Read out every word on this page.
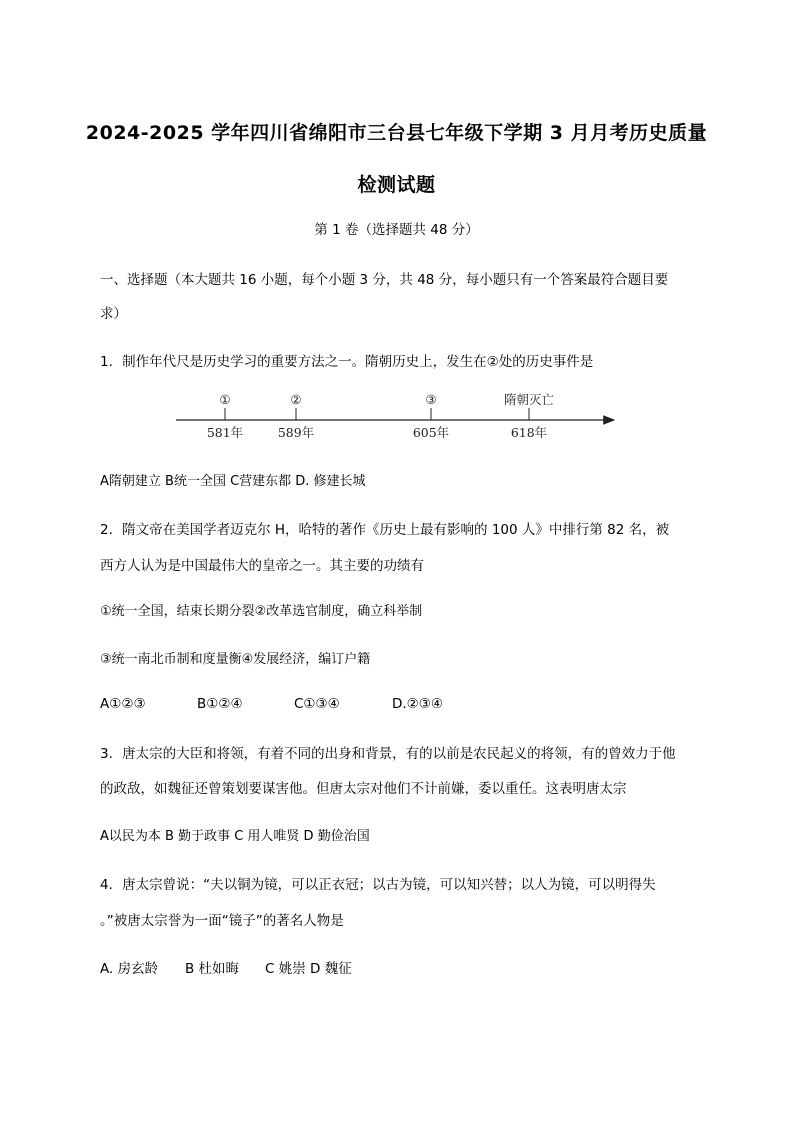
2024-2025 学年四川省绵阳市三台县七年级下学期 3 月月考历史质量
检测试题
第 1 卷（选择题共 48 分）
一、选择题（本大题共 16 小题，每个小题 3 分，共 48 分，每小题只有一个答案最符合题目要
求）
1．制作年代尺是历史学习的重要方法之一。隋朝历史上，发生在②处的历史事件是
①
581年
②
589年
③
605年
隋朝灭亡
618年
A隋朝建立 B统一全国 C营建东都 D. 修建长城
2．隋文帝在美国学者迈克尔 H，哈特的著作《历史上最有影响的 100 人》中排行第 82 名，被
西方人认为是中国最伟大的皇帝之一。其主要的功绩有
①统一全国，结束长期分裂②改革选官制度，确立科举制
③统一南北币制和度量衡④发展经济，编订户籍
A①②③	B①②④	C①③④	D.②③④
3．唐太宗的大臣和将领，有着不同的出身和背景，有的以前是农民起义的将领，有的曾效力于他
的政敌，如魏征还曾策划要谋害他。但唐太宗对他们不计前嫌，委以重任。这表明唐太宗
A以民为本 B 勤于政事 C 用人唯贤 D 勤俭治国
4．唐太宗曾说：“夫以铜为镜，可以正衣冠；以古为镜，可以知兴替；以人为镜，可以明得失
。”被唐太宗誉为一面“镜子”的著名人物是
A. 房玄龄	B 杜如晦	C 姚崇 D 魏征
